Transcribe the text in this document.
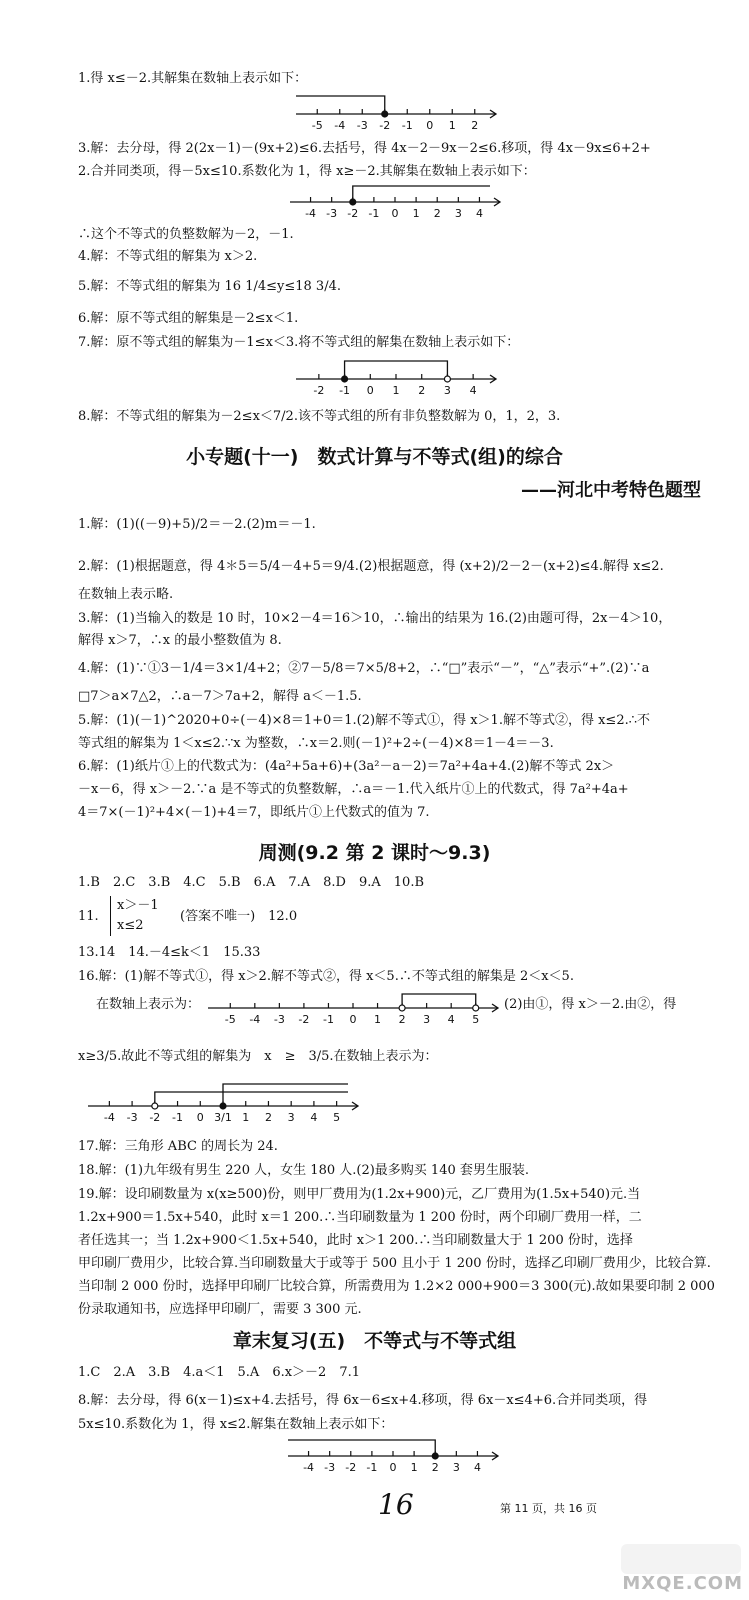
1.得 x≤－2.其解集在数轴上表示如下：
-5 -4 -3 -2 -1 0 1 2
3.解：去分母，得 2(2x－1)－(9x+2)≤6.去括号，得 4x－2－9x－2≤6.移项，得 4x－9x≤6+2+
2.合并同类项，得－5x≤10.系数化为 1，得 x≥－2.其解集在数轴上表示如下：
-4 -3 -2 -1 0 1 2 3 4
∴这个不等式的负整数解为－2，－1.
4.解：不等式组的解集为 x＞2.
5.解：不等式组的解集为 16 1/4≤y≤18 3/4.
6.解：原不等式组的解集是－2≤x＜1.
7.解：原不等式组的解集为－1≤x＜3.将不等式组的解集在数轴上表示如下：
-2 -1 0 1 2 3 4
8.解：不等式组的解集为－2≤x＜7/2.该不等式组的所有非负整数解为 0，1，2，3.
小专题(十一)　数式计算与不等式(组)的综合
——河北中考特色题型
1.解：(1)((－9)+5)/2＝－2.(2)m＝－1.
2.解：(1)根据题意，得 4＊5＝5/4－4+5＝9/4.(2)根据题意，得 (x+2)/2－2－(x+2)≤4.解得 x≤2.
在数轴上表示略.
3.解：(1)当输入的数是 10 时，10×2－4＝16＞10，∴输出的结果为 16.(2)由题可得，2x－4＞10，
解得 x＞7，∴x 的最小整数值为 8.
4.解：(1)∵①3－1/4＝3×1/4+2；②7－5/8＝7×5/8+2，∴“□”表示“－”，“△”表示“+”.(2)∵a
□7＞a×7△2，∴a－7＞7a+2，解得 a＜－1.5.
5.解：(1)(－1)^2020+0÷(－4)×8＝1+0＝1.(2)解不等式①，得 x＞1.解不等式②，得 x≤2.∴不
等式组的解集为 1＜x≤2.∵x 为整数，∴x＝2.则(－1)²+2÷(－4)×8＝1－4＝－3.
6.解：(1)纸片①上的代数式为：(4a²+5a+6)+(3a²－a－2)＝7a²+4a+4.(2)解不等式 2x＞
－x－6，得 x＞－2.∵a 是不等式的负整数解，∴a＝－1.代入纸片①上的代数式，得 7a²+4a+
4＝7×(－1)²+4×(－1)+4＝7，即纸片①上代数式的值为 7.
周测(9.2 第 2 课时～9.3)
1.B　2.C　3.B　4.C　5.B　6.A　7.A　8.D　9.A　10.B
11.
x＞－1
x≤2
(答案不唯一)　12.0
13.14　14.－4≤k＜1　15.33
16.解：(1)解不等式①，得 x＞2.解不等式②，得 x＜5.∴不等式组的解集是 2＜x＜5.
在数轴上表示为：
-5 -4 -3 -2 -1 0 1 2 3 4 5
(2)由①，得 x＞－2.由②，得
x≥3/5.故此不等式组的解集为　x　≥　3/5.在数轴上表示为：
-4 -3 -2 -1 0 3/1 1 2 3 4 5
17.解：三角形 ABC 的周长为 24.
18.解：(1)九年级有男生 220 人，女生 180 人.(2)最多购买 140 套男生服装.
19.解：设印刷数量为 x(x≥500)份，则甲厂费用为(1.2x+900)元，乙厂费用为(1.5x+540)元.当
1.2x+900＝1.5x+540，此时 x＝1 200.∴当印刷数量为 1 200 份时，两个印刷厂费用一样，二
者任选其一；当 1.2x+900＜1.5x+540，此时 x＞1 200.∴当印刷数量大于 1 200 份时，选择
甲印刷厂费用少，比较合算.当印刷数量大于或等于 500 且小于 1 200 份时，选择乙印刷厂费用少，比较合算.
当印制 2 000 份时，选择甲印刷厂比较合算，所需费用为 1.2×2 000+900＝3 300(元).故如果要印制 2 000
份录取通知书，应选择甲印刷厂，需要 3 300 元.
章末复习(五)　不等式与不等式组
1.C　2.A　3.B　4.a＜1　5.A　6.x＞－2　7.1
8.解：去分母，得 6(x－1)≤x+4.去括号，得 6x－6≤x+4.移项，得 6x－x≤4+6.合并同类项，得
5x≤10.系数化为 1，得 x≤2.解集在数轴上表示如下：
-4 -3 -2 -1 0 1 2 3 4
16	第 11 页，共 16 页
MXQE.COM
